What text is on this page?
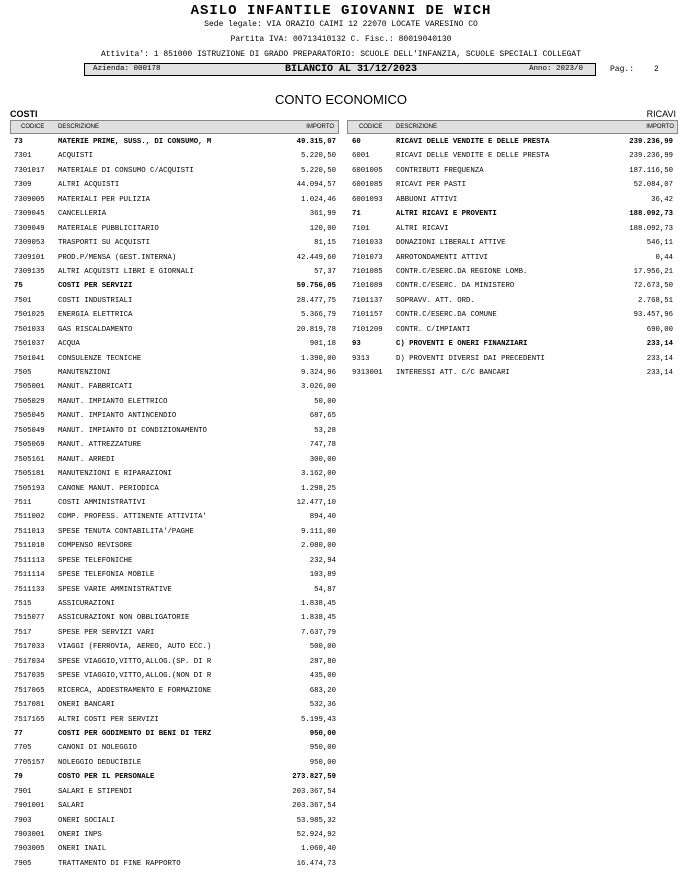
ASILO INFANTILE GIOVANNI DE WICH
Sede legale: VIA ORAZIO CAIMI 12 22070 LOCATE VARESINO CO
Partita IVA: 00713410132 C. Fisc.: 80019040130
Attivita': 1 851000 ISTRUZIONE DI GRADO PREPARATORIO: SCUOLE DELL'INFANZIA, SCUOLE SPECIALI COLLEGAT
Azienda: 000178	BILANCIO AL 31/12/2023	Anno: 2023/0	Pag.:	2
CONTO ECONOMICO
COSTI	RICAVI
CODICE DESCRIZIONE	IMPORTO	CODICE DESCRIZIONE	IMPORTO
73	MATERIE PRIME, SUSS., DI CONSUMO, M	49.315,07
7301	ACQUISTI	5.220,50
7301017 MATERIALE DI CONSUMO C/ACQUISTI	5.220,50
7309	ALTRI ACQUISTI	44.094,57
7309005 MATERIALI PER PULIZIA	1.024,46
7309045 CANCELLERIA	361,99
7309049 MATERIALE PUBBLICITARIO	120,00
7309053 TRASPORTI SU ACQUISTI	81,15
7309101 PROD.P/MENSA (GEST.INTERNA)	42.449,60
7309135 ALTRI ACQUISTI LIBRI E GIORNALI	57,37
75	COSTI PER SERVIZI	59.756,05
7501	COSTI INDUSTRIALI	28.477,75
7501025 ENERGIA ELETTRICA	5.366,79
7501033 GAS RISCALDAMENTO	20.819,78
7501037 ACQUA	901,18
7501041 CONSULENZE TECNICHE	1.390,00
7505	MANUTENZIONI	9.324,96
7505001 MANUT. FABBRICATI	3.026,00
7505029 MANUT. IMPIANTO ELETTRICO	50,00
7505045 MANUT. IMPIANTO ANTINCENDIO	687,65
7505049 MANUT. IMPIANTO DI CONDIZIONAMENTO	53,28
7505069 MANUT. ATTREZZATURE	747,78
7505161 MANUT. ARREDI	300,00
7505181 MANUTENZIONI E RIPARAZIONI	3.162,00
7505193 CANONE MANUT. PERIODICA	1.298,25
7511	COSTI AMMINISTRATIVI	12.477,10
7511002 COMP. PROFESS. ATTINENTE ATTIVITA'	894,40
7511013 SPESE TENUTA CONTABILITA'/PAGHE	9.111,00
7511018 COMPENSO REVISORE	2.080,00
7511113 SPESE TELEFONICHE	232,94
7511114 SPESE TELEFONIA MOBILE	103,89
7511133 SPESE VARIE AMMINISTRATIVE	54,87
7515	ASSICURAZIONI	1.838,45
7515077 ASSICURAZIONI NON OBBLIGATORIE	1.838,45
7517	SPESE PER SERVIZI VARI	7.637,79
7517033 VIAGGI (FERROVIA, AEREO, AUTO ECC.)	500,00
7517034 SPESE VIAGGIO,VITTO,ALLOG.(SP. DI R	287,80
7517035 SPESE VIAGGIO,VITTO,ALLOG.(NON DI R	435,00
7517065 RICERCA, ADDESTRAMENTO E FORMAZIONE	683,20
7517081 ONERI BANCARI	532,36
7517165 ALTRI COSTI PER SERVIZI	5.199,43
77	COSTI PER GODIMENTO DI BENI DI TERZ	950,00
7705	CANONI DI NOLEGGIO	950,00
7705157 NOLEGGIO DEDUCIBILE	950,00
79	COSTO PER IL PERSONALE	273.827,59
7901	SALARI E STIPENDI	203.367,54
7901001 SALARI	203.367,54
7903	ONERI SOCIALI	53.985,32
7903001 ONERI INPS	52.924,92
7903005 ONERI INAIL	1.060,40
7905	TRATTAMENTO DI FINE RAPPORTO	16.474,73
60	RICAVI DELLE VENDITE E DELLE PRESTA	239.236,99
6001	RICAVI DELLE VENDITE E DELLE PRESTA	239.236,99
6001005 CONTRIBUTI FREQUENZA	187.116,50
6001085 RICAVI PER PASTI	52.084,07
6001093 ABBUONI ATTIVI	36,42
71	ALTRI RICAVI E PROVENTI	188.092,73
7101	ALTRI RICAVI	188.092,73
7101033 DONAZIONI LIBERALI ATTIVE	546,11
7101073 ARROTONDAMENTI ATTIVI	0,44
7101085 CONTR.C/ESERC.DA REGIONE LOMB.	17.956,21
7101089 CONTR.C/ESERC. DA MINISTERO	72.673,50
7101137 SOPRAVV. ATT. ORD.	2.768,51
7101157 CONTR.C/ESERC.DA COMUNE	93.457,96
7101209 CONTR. C/IMPIANTI	690,00
93	C) PROVENTI E ONERI FINANZIARI	233,14
9313	D) PROVENTI DIVERSI DAI PRECEDENTI	233,14
9313001 INTERESSI ATT. C/C BANCARI	233,14
